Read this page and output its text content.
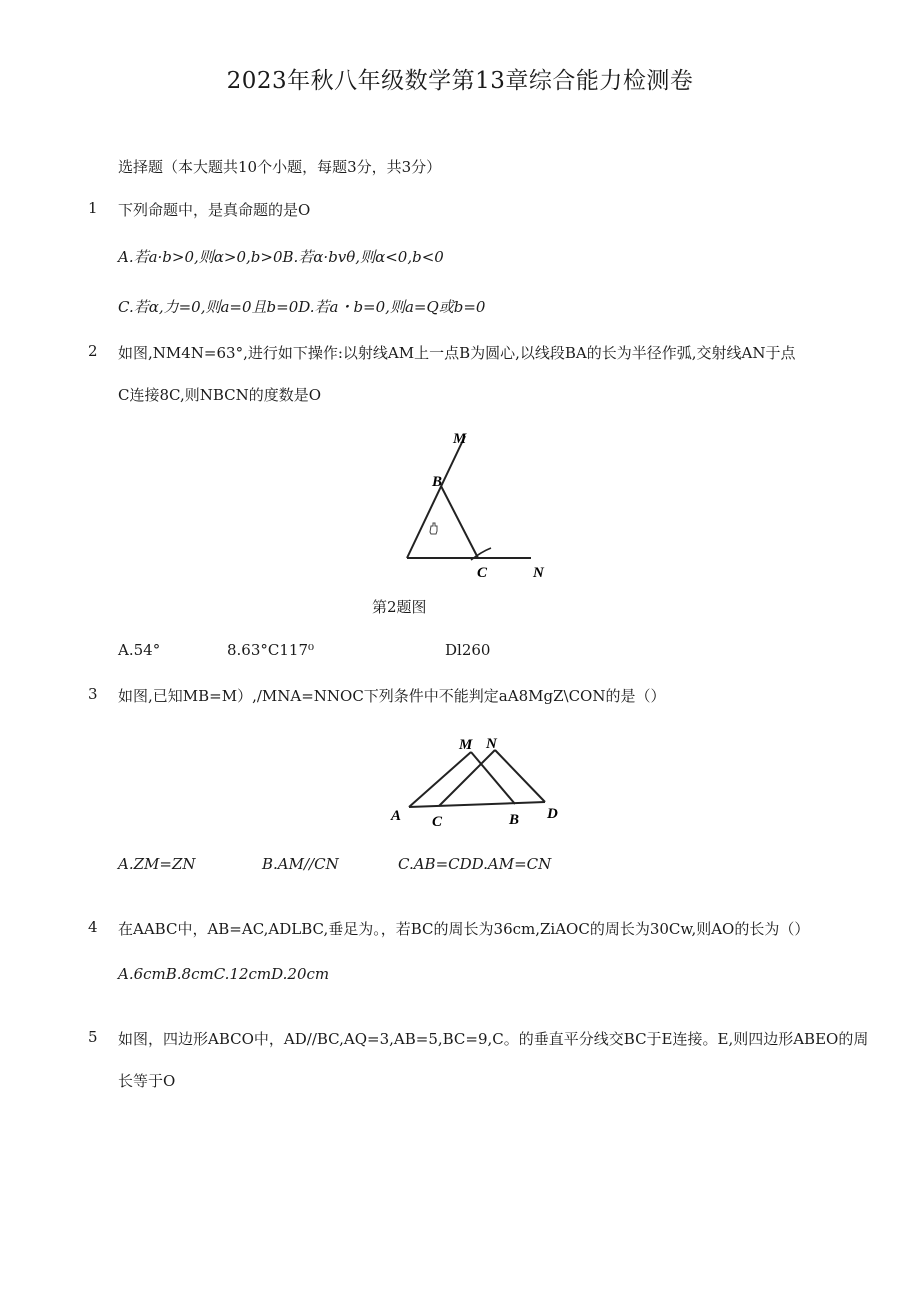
2023年秋八年级数学第13章综合能力检测卷
选择题（本大题共10个小题，每题3分，共3分）
1 下列命题中，是真命题的是O
A.若a·b>0,则α>0,b>0B.若α·bvθ,则α<0,b<0
C.若α,力=0,则a=0且b=0D.若a・b=0,则a=Q或b=0
2 如图,NM4N=63°,进行如下操作:以射线AM上一点B为圆心,以线段BA的长为半径作弧,交射线AN于点
C连接8C,则NBCN的度数是O
M
B
C	N
第2题图
A.54°	8.63°C117⁰	Dl260
3 如图,已知MB=M）,/MNA=NNOC下列条件中不能判定aA8MgZ\CON的是（）
M N
A C	B D
A.ZM=ZN	B.AM//CN	C.AB=CDD.AM=CN
4 在AABC中，AB=AC,ADLBC,垂足为。，若BC的周长为36cm,ZiAOC的周长为30Cw,则AO的长为（）
A.6cmB.8cmC.12cmD.20cm
5 如图，四边形ABCO中，AD//BC,AQ=3,AB=5,BC=9,C。的垂直平分线交BC于E连接。E,则四边形ABEO的周
长等于O
